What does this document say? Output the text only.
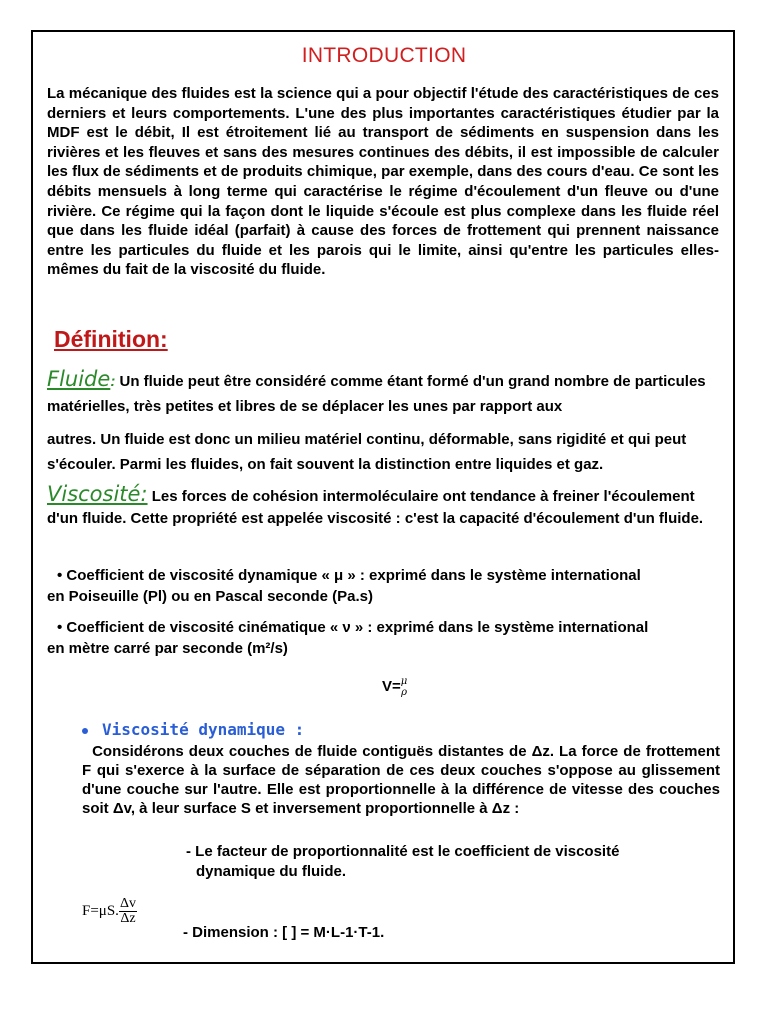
INTRODUCTION

La mécanique des fluides est la science qui a pour objectif l'étude des caractéristiques de ces derniers et leurs comportements. L'une des plus importantes caractéristiques étudier par la MDF est le débit, Il est étroitement lié au transport de sédiments en suspension dans les rivières et les fleuves et sans des mesures continues des débits, il est impossible de calculer les flux de sédiments et de produits chimique, par exemple, dans des cours d'eau. Ce sont les débits mensuels à long terme qui caractérise le régime d'écoulement d'un fleuve ou d'une rivière. Ce régime qui la façon dont le liquide s'écoule est plus complexe dans les fluide réel que dans les fluide idéal (parfait) à cause des forces de frottement qui prennent naissance entre les particules du fluide et les parois qui le limite, ainsi qu'entre les particules elles-mêmes du fait de la viscosité du fluide.

Définition:

Fluide: Un fluide peut être considéré comme étant formé d'un grand nombre de particules matérielles, très petites et libres de se déplacer les unes par rapport aux
autres. Un fluide est donc un milieu matériel continu, déformable, sans rigidité et qui peut s'écouler. Parmi les fluides, on fait souvent la distinction entre liquides et gaz.

Viscosité: Les forces de cohésion intermoléculaire ont tendance à freiner l'écoulement d'un fluide. Cette propriété est appelée viscosité : c'est la capacité d'écoulement d'un fluide.

• Coefficient de viscosité dynamique « μ » : exprimé dans le système international
en Poiseuille (Pl) ou en Pascal seconde (Pa.s)

• Coefficient de viscosité cinématique « ν » : exprimé dans le système international
en mètre carré par seconde (m²/s)

V= μ
ρ
Viscosité dynamique :

Considérons deux couches de fluide contiguës distantes de Δz. La force de frottement F qui s'exerce à la surface de séparation de ces deux couches s'oppose au glissement d'une couche sur l'autre. Elle est proportionnelle à la différence de vitesse des couches soit Δv, à leur surface S et inversement proportionnelle à Δz :

- Le facteur de proportionnalité est le coefficient de viscosité
dynamique du fluide.

F=μS. $\frac{\Delta v}{\Delta z}$
- Dimension : [ ] = M·L-1·T-1.
